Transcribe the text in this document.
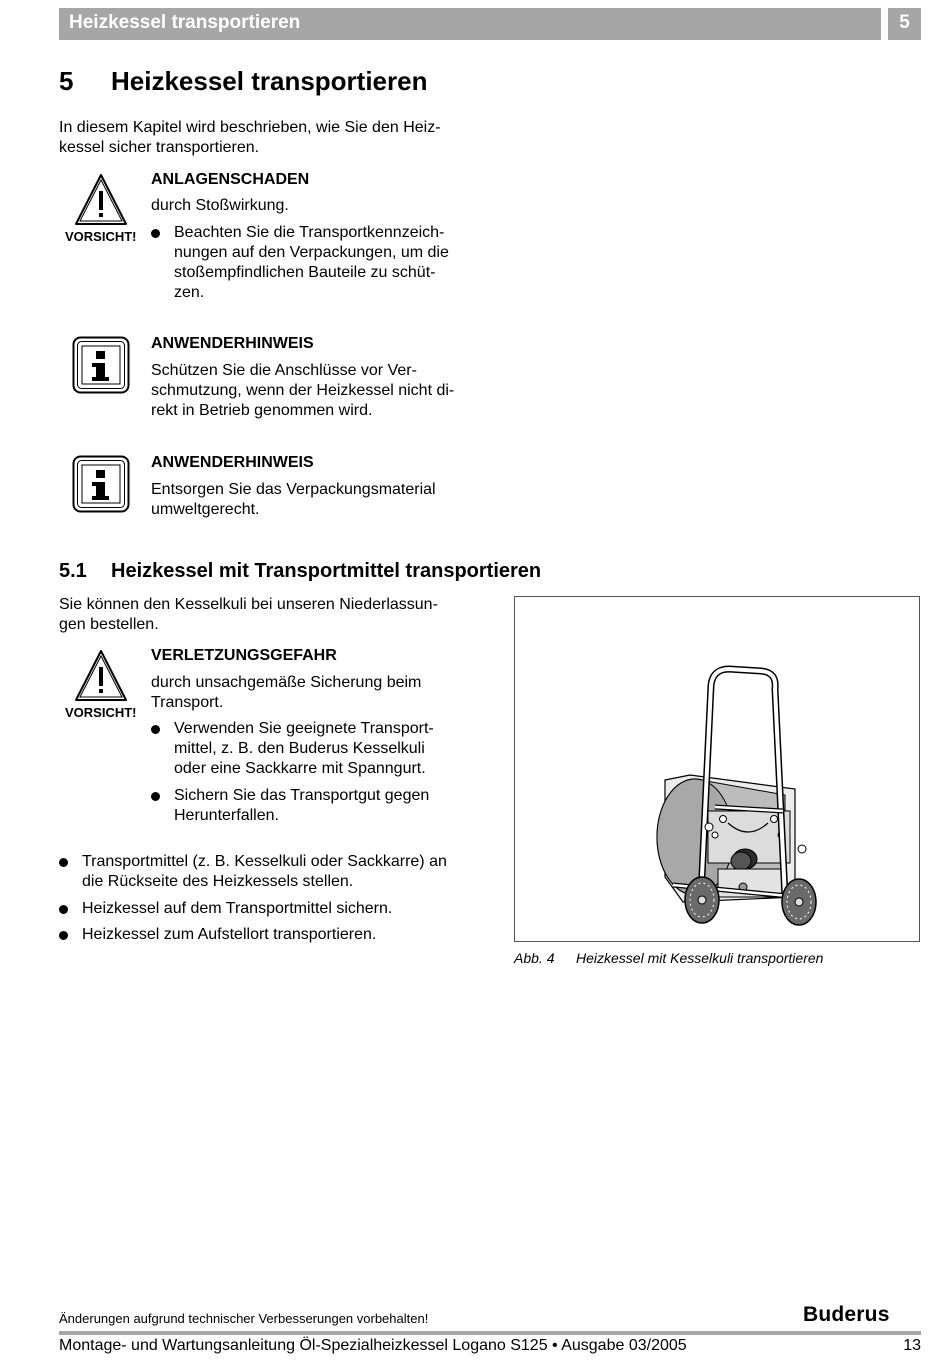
Heizkessel transportieren	5
5 Heizkessel transportieren
In diesem Kapitel wird beschrieben, wie Sie den Heiz-
kessel sicher transportieren.
VORSICHT!
ANLAGENSCHADEN
durch Stoßwirkung.
Beachten Sie die Transportkennzeich-
nungen auf den Verpackungen, um die
stoßempfindlichen Bauteile zu schüt-
zen.
ANWENDERHINWEIS
Schützen Sie die Anschlüsse vor Ver-
schmutzung, wenn der Heizkessel nicht di-
rekt in Betrieb genommen wird.
ANWENDERHINWEIS
Entsorgen Sie das Verpackungsmaterial
umweltgerecht.
5.1 Heizkessel mit Transportmittel transportieren
Sie können den Kesselkuli bei unseren Niederlassun-
gen bestellen.
VORSICHT!
VERLETZUNGSGEFAHR
durch unsachgemäße Sicherung beim
Transport.
Verwenden Sie geeignete Transport-
mittel, z. B. den Buderus Kesselkuli
oder eine Sackkarre mit Spanngurt.
Sichern Sie das Transportgut gegen
Herunterfallen.
Transportmittel (z. B. Kesselkuli oder Sackkarre) an
die Rückseite des Heizkessels stellen.
Heizkessel auf dem Transportmittel sichern.
Heizkessel zum Aufstellort transportieren.
Abb. 4 Heizkessel mit Kesselkuli transportieren
Änderungen aufgrund technischer Verbesserungen vorbehalten!	Buderus
Montage- und Wartungsanleitung Öl-Spezialheizkessel Logano S125 • Ausgabe 03/2005	13
